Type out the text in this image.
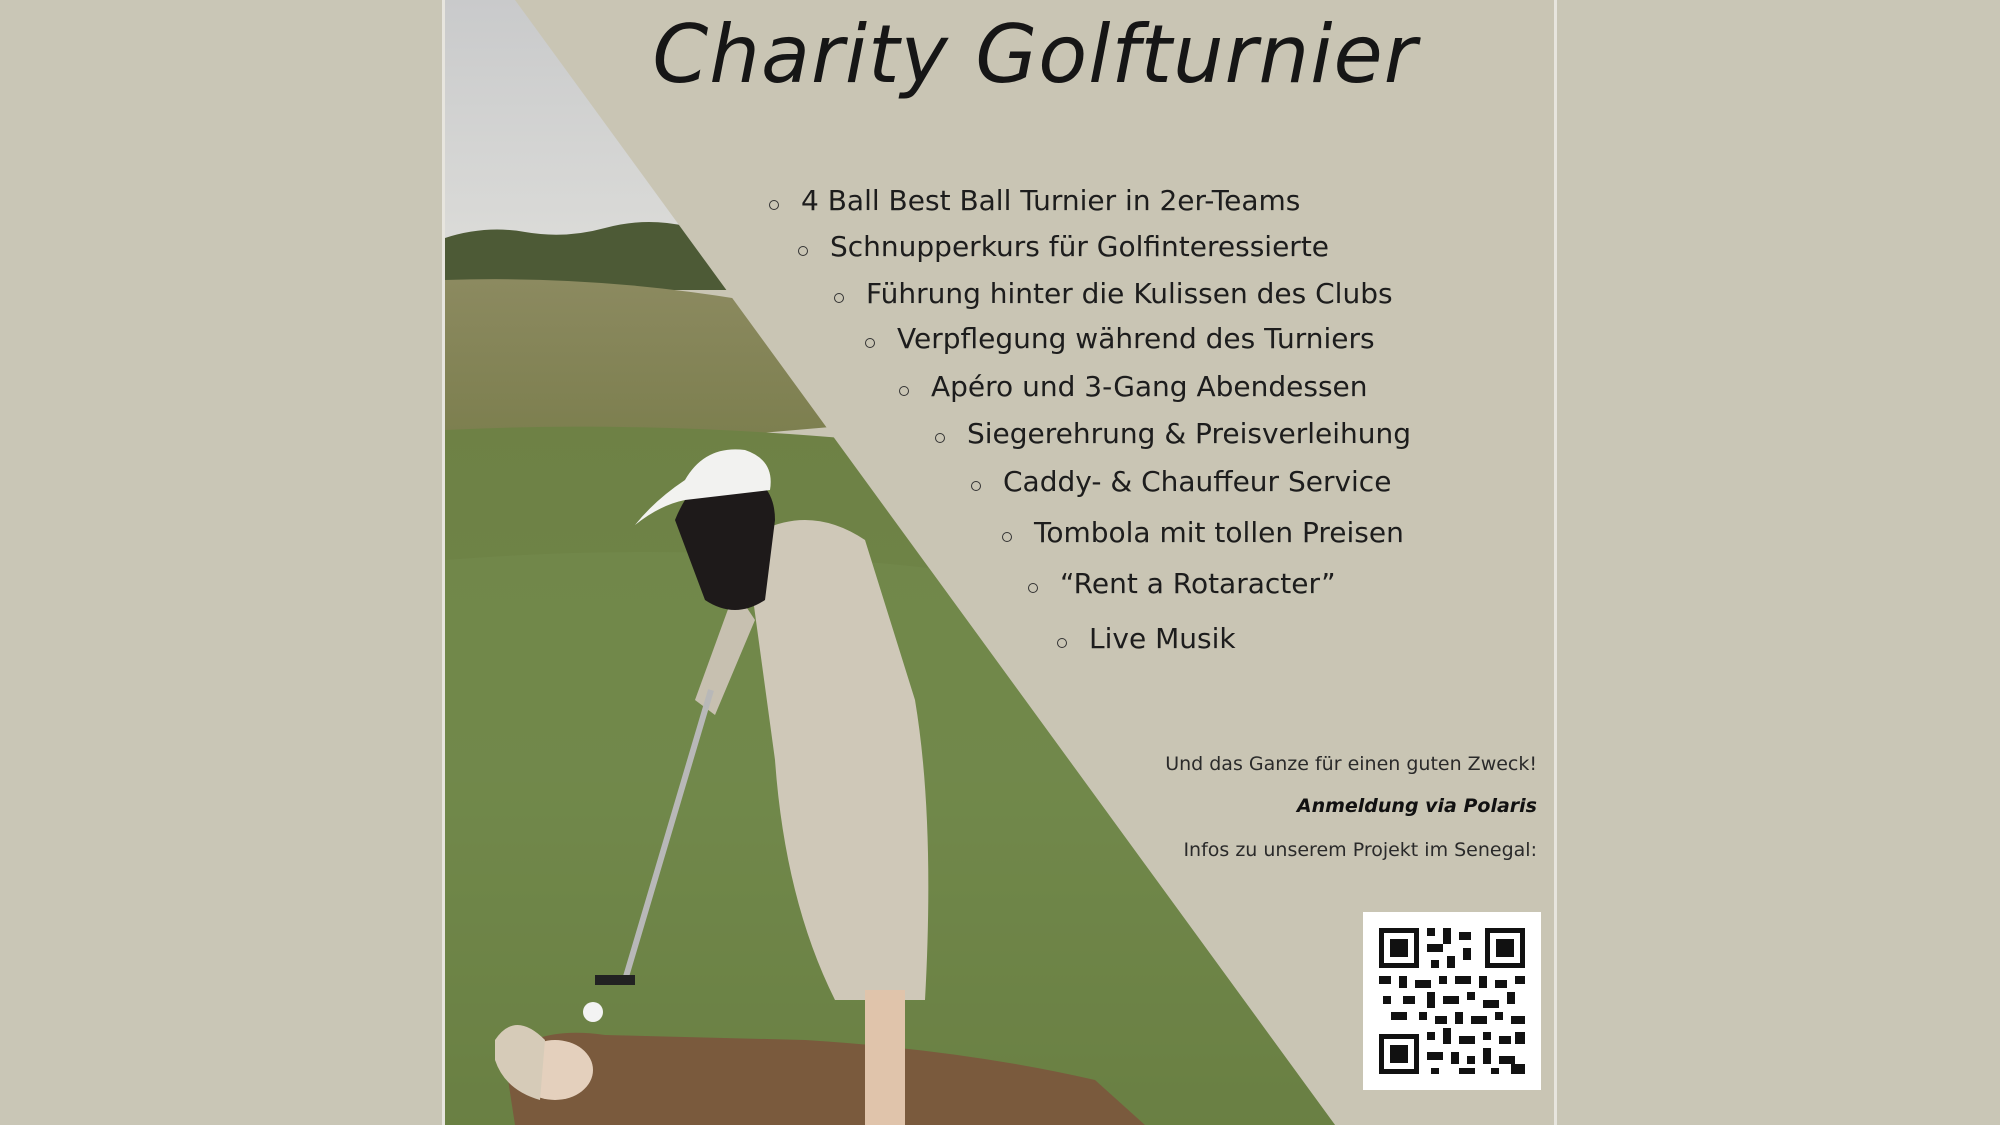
Charity Golfturnier
4 Ball Best Ball Turnier in 2er-Teams
Schnupperkurs für Golfinteressierte
Führung hinter die Kulissen des Clubs
Verpflegung während des Turniers
Apéro und 3-Gang Abendessen
Siegerehrung & Preisverleihung
Caddy- & Chauffeur Service
Tombola mit tollen Preisen
“Rent a Rotaracter”
Live Musik
Und das Ganze für einen guten Zweck!
Anmeldung via Polaris
Infos zu unserem Projekt im Senegal:
